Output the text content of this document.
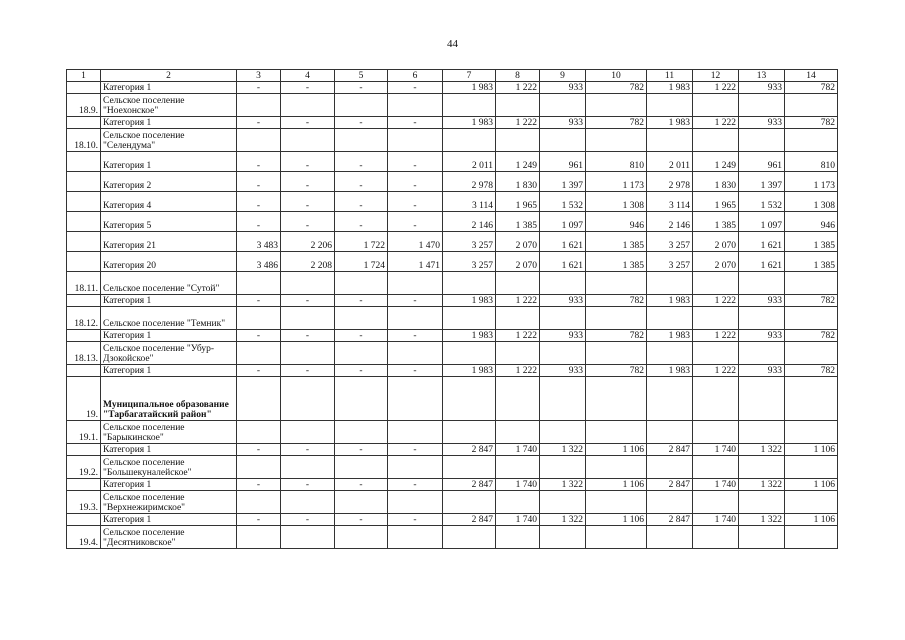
44
1	2	3	4	5	6	7	8	9	10	11	12	13	14
	Категория 1	-	-	-	-	1 983	1 222	933	782	1 983	1 222	933	782
18.9.	Сельское поселение "Ноехонское"												
	Категория 1	-	-	-	-	1 983	1 222	933	782	1 983	1 222	933	782
18.10.	Сельское поселение "Селендума"												
	Категория 1	-	-	-	-	2 011	1 249	961	810	2 011	1 249	961	810
	Категория 2	-	-	-	-	2 978	1 830	1 397	1 173	2 978	1 830	1 397	1 173
	Категория 4	-	-	-	-	3 114	1 965	1 532	1 308	3 114	1 965	1 532	1 308
	Категория 5	-	-	-	-	2 146	1 385	1 097	946	2 146	1 385	1 097	946
	Категория 21	3 483	2 206	1 722	1 470	3 257	2 070	1 621	1 385	3 257	2 070	1 621	1 385
	Категория 20	3 486	2 208	1 724	1 471	3 257	2 070	1 621	1 385	3 257	2 070	1 621	1 385
18.11.	Сельское поселение "Сутой"												
	Категория 1	-	-	-	-	1 983	1 222	933	782	1 983	1 222	933	782
18.12.	Сельское поселение "Темник"												
	Категория 1	-	-	-	-	1 983	1 222	933	782	1 983	1 222	933	782
18.13.	Сельское поселение "Убур-Дзокойское"												
	Категория 1	-	-	-	-	1 983	1 222	933	782	1 983	1 222	933	782
19.	Муниципальное образование "Тарбагатайский район"												
19.1.	Сельское поселение "Барыкинское"												
	Категория 1	-	-	-	-	2 847	1 740	1 322	1 106	2 847	1 740	1 322	1 106
19.2.	Сельское поселение "Большекуналейское"												
	Категория 1	-	-	-	-	2 847	1 740	1 322	1 106	2 847	1 740	1 322	1 106
19.3.	Сельское поселение "Верхнежиримское"												
	Категория 1	-	-	-	-	2 847	1 740	1 322	1 106	2 847	1 740	1 322	1 106
19.4.	Сельское поселение "Десятниковское"												
